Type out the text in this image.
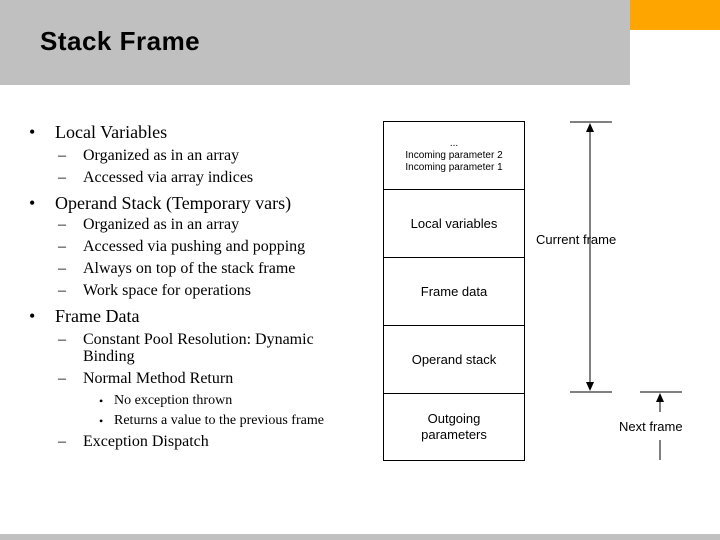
Stack Frame
• Local Variables
– Organized as in an array
– Accessed via array indices
• Operand Stack (Temporary vars)
– Organized as in an array
– Accessed via pushing and popping
– Always on top of the stack frame
– Work space for operations
• Frame Data
– Constant Pool Resolution: Dynamic
Binding
– Normal Method Return
• No exception thrown
• Returns a value to the previous frame
– Exception Dispatch
...
Incoming parameter 2
Incoming parameter 1
Local variables
Frame data
Operand stack
Outgoing
parameters
Current frame
Next frame
